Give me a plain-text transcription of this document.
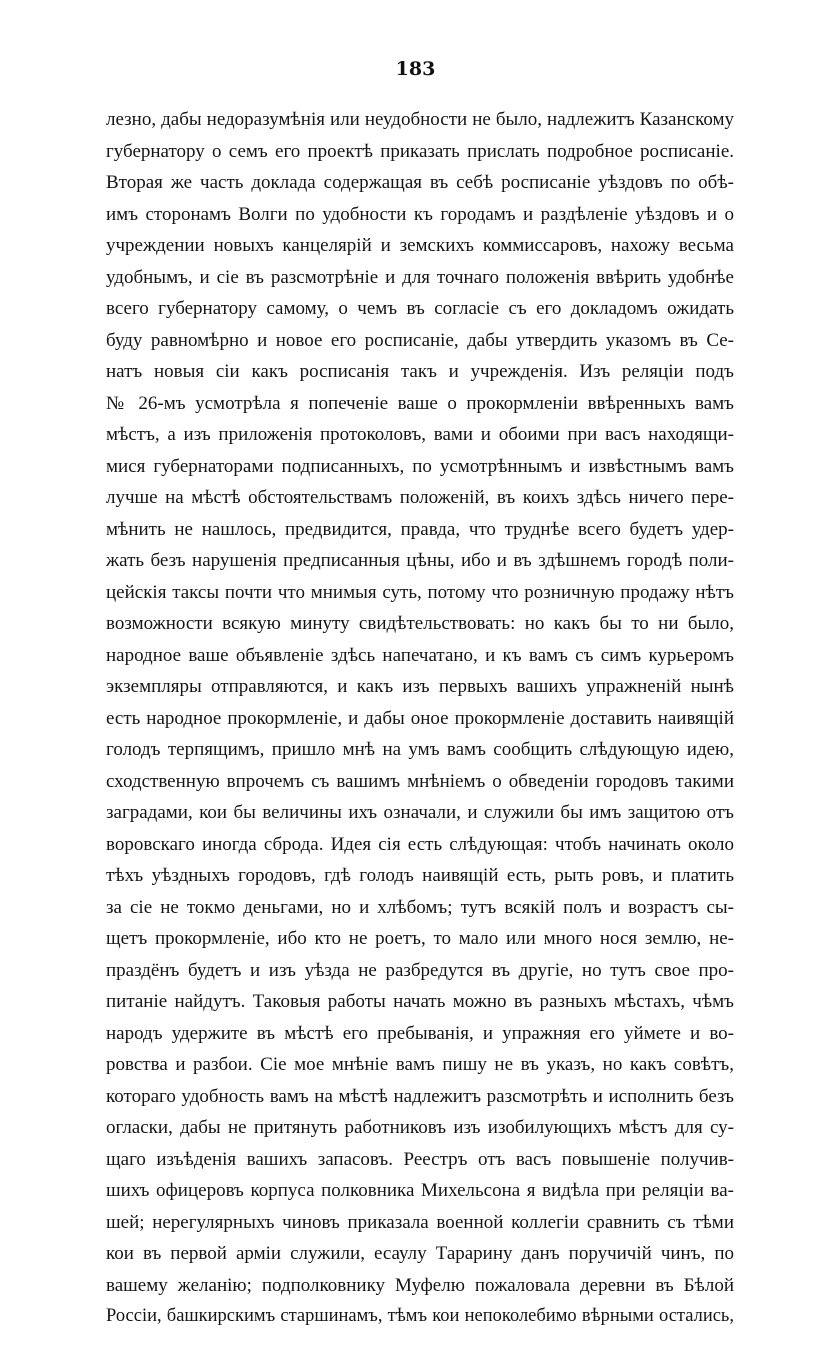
183
лезно, дабы недоразумѣнія или неудобности не было, надлежитъ Казанскому
губернатору о семъ его проектѣ приказать прислать подробное росписаніе.
Вторая же часть доклада содержащая въ себѣ росписаніе уѣздовъ по обѣ-
имъ сторонамъ Волги по удобности къ городамъ и раздѣленіе уѣздовъ и о
учреждении новыхъ канцелярій и земскихъ коммиссаровъ, нахожу весьма
удобнымъ, и сіе въ разсмотрѣніе и для точнаго положенія ввѣрить удобнѣе
всего губернатору самому, о чемъ въ согласіе съ его докладомъ ожидать
буду равномѣрно и новое его росписаніе, дабы утвердить указомъ въ Се-
натъ новыя сіи какъ росписанія такъ и учрежденія. Изъ реляціи подъ
№ 26-мъ усмотрѣла я попеченіе ваше о прокормленіи ввѣренныхъ вамъ
мѣстъ, а изъ приложенія протоколовъ, вами и обоими при васъ находящи-
мися губернаторами подписанныхъ, по усмотрѣннымъ и извѣстнымъ вамъ
лучше на мѣстѣ обстоятельствамъ положеній, въ коихъ здѣсь ничего пере-
мѣнить не нашлось, предвидится, правда, что труднѣе всего будетъ удер-
жать безъ нарушенія предписанныя цѣны, ибо и въ здѣшнемъ городѣ поли-
цейскія таксы почти что мнимыя суть, потому что розничную продажу нѣтъ
возможности всякую минуту свидѣтельствовать: но какъ бы то ни было,
народное ваше объявленіе здѣсь напечатано, и къ вамъ съ симъ курьеромъ
экземпляры отправляются, и какъ изъ первыхъ вашихъ упражненій нынѣ
есть народное прокормленіе, и дабы оное прокормленіе доставить наивящій
голодъ терпящимъ, пришло мнѣ на умъ вамъ сообщить слѣдующую идею,
сходственную впрочемъ съ вашимъ мнѣніемъ о обведеніи городовъ такими
заградами, кои бы величины ихъ означали, и служили бы имъ защитою отъ
воровскаго иногда сброда. Идея сія есть слѣдующая: чтобъ начинать около
тѣхъ уѣздныхъ городовъ, гдѣ голодъ наивящій есть, рыть ровъ, и платить
за сіе не токмо деньгами, но и хлѣбомъ; тутъ всякій полъ и возрастъ сы-
щетъ прокормленіе, ибо кто не роетъ, то мало или много нося землю, не-
праздёнъ будетъ и изъ уѣзда не разбредутся въ другіе, но тутъ свое про-
питаніе найдутъ. Таковыя работы начать можно въ разныхъ мѣстахъ, чѣмъ
народъ удержите въ мѣстѣ его пребыванія, и упражняя его уймете и во-
ровства и разбои. Сіе мое мнѣніе вамъ пишу не въ указъ, но какъ совѣтъ,
котораго удобность вамъ на мѣстѣ надлежитъ разсмотрѣть и исполнить безъ
огласки, дабы не притянуть работниковъ изъ изобилующихъ мѣстъ для су-
щаго изъѣденія вашихъ запасовъ. Реестръ отъ васъ повышеніе получив-
шихъ офицеровъ корпуса полковника Михельсона я видѣла при реляціи ва-
шей; нерегулярныхъ чиновъ приказала военной коллегіи сравнить съ тѣми
кои въ первой арміи служили, есаулу Тарарину данъ поручичій чинъ, по
вашему желанію; подполковнику Муфелю пожаловала деревни въ Бѣлой
Россіи, башкирскимъ старшинамъ, тѣмъ кои непоколебимо вѣрными остались,
